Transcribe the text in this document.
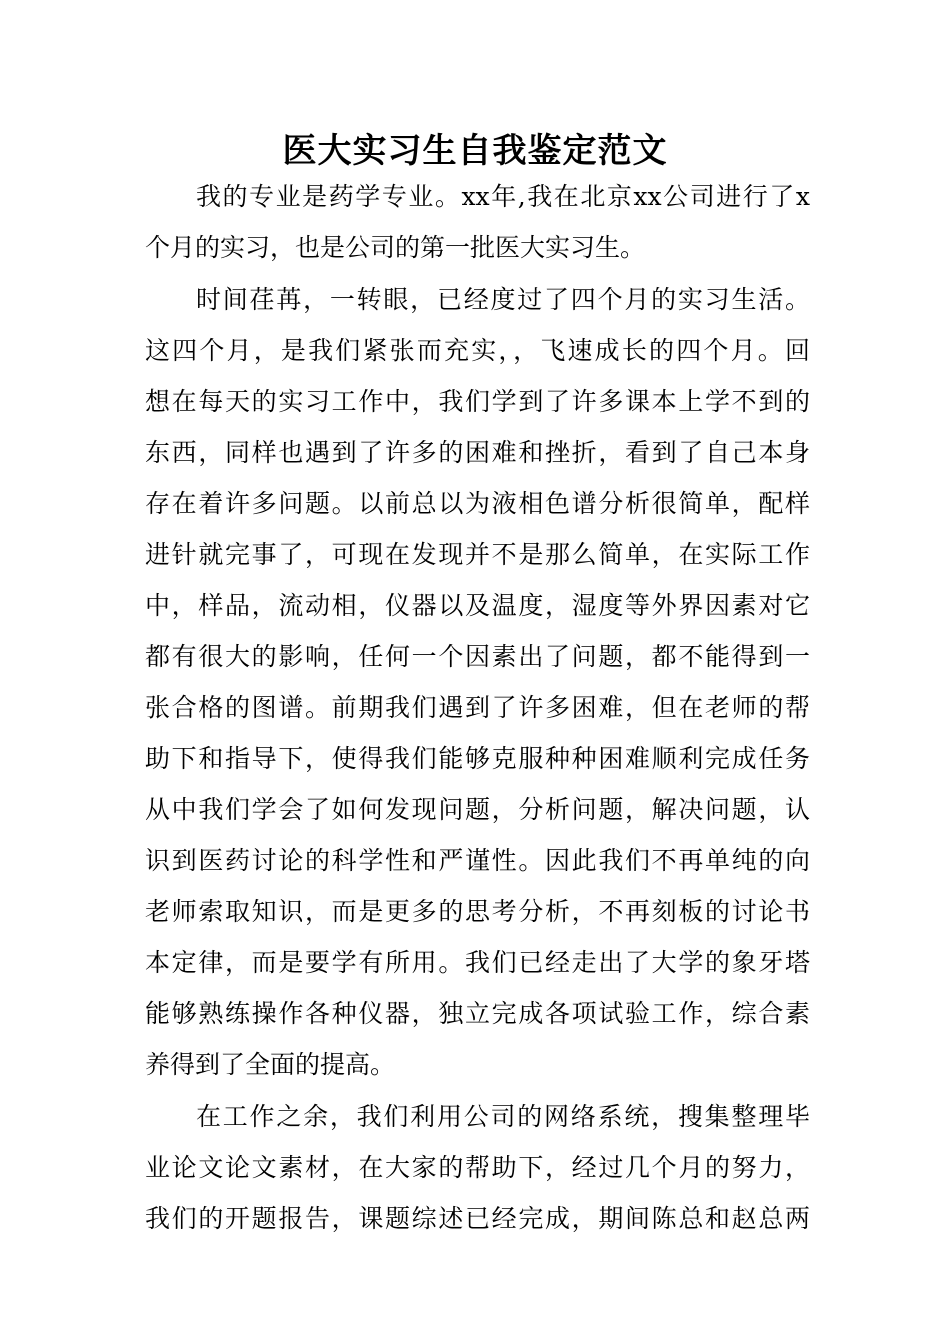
医大实习生自我鉴定范文
我的专业是药学专业。xx年,我在北京xx公司进行了x
个月的实习，也是公司的第一批医大实习生。
时间荏苒，一转眼，已经度过了四个月的实习生活。
这四个月，是我们紧张而充实，，飞速成长的四个月。回
想在每天的实习工作中，我们学到了许多课本上学不到的
东西，同样也遇到了许多的困难和挫折，看到了自己本身
存在着许多问题。以前总以为液相色谱分析很简单，配样
进针就完事了，可现在发现并不是那么简单，在实际工作
中，样品，流动相，仪器以及温度，湿度等外界因素对它
都有很大的影响，任何一个因素出了问题，都不能得到一
张合格的图谱。前期我们遇到了许多困难，但在老师的帮
助下和指导下，使得我们能够克服种种困难顺利完成任务
从中我们学会了如何发现问题，分析问题，解决问题，认
识到医药讨论的科学性和严谨性。因此我们不再单纯的向
老师索取知识，而是更多的思考分析，不再刻板的讨论书
本定律，而是要学有所用。我们已经走出了大学的象牙塔
能够熟练操作各种仪器，独立完成各项试验工作，综合素
养得到了全面的提高。
在工作之余，我们利用公司的网络系统，搜集整理毕
业论文论文素材，在大家的帮助下，经过几个月的努力，
我们的开题报告，课题综述已经完成，期间陈总和赵总两
